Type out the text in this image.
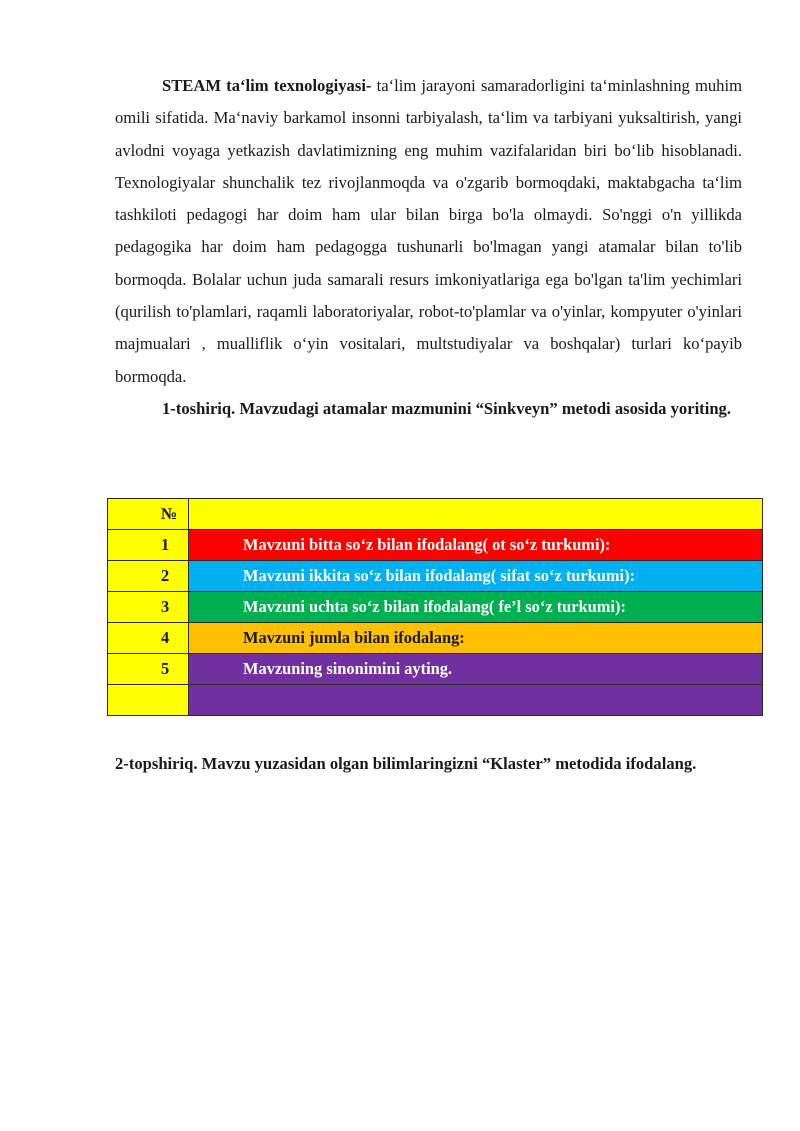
STEAM ta‘lim texnologiyasi- ta‘lim jarayoni samaradorligini ta‘minlashning muhim omili sifatida. Ma‘naviy barkamol insonni tarbiyalash, ta‘lim va tarbiyani yuksaltirish, yangi avlodni voyaga yetkazish davlatimizning eng muhim vazifalaridan biri bo‘lib hisoblanadi. Texnologiyalar shunchalik tez rivojlanmoqda va o'zgarib bormoqdaki, maktabgacha ta‘lim tashkiloti pedagogi har doim ham ular bilan birga bo'la olmaydi. So'nggi o'n yillikda pedagogika har doim ham pedagogga tushunarli bo'lmagan yangi atamalar bilan to'lib bormoqda. Bolalar uchun juda samarali resurs imkoniyatlariga ega bo'lgan ta'lim yechimlari (qurilish to'plamlari, raqamli laboratoriyalar, robot-to'plamlar va o'yinlar, kompyuter o'yinlari majmualari , mualliflik o‘yin vositalari, multstudiyalar va boshqalar) turlari ko‘payib bormoqda.

1-toshiriq. Mavzudagi atamalar mazmunini “Sinkveyn” metodi asosida yoriting.

№	
1	Mavzuni bitta so‘z bilan ifodalang( ot so‘z turkumi):
2	Mavzuni ikkita so‘z bilan ifodalang( sifat so‘z turkumi):
3	Mavzuni uchta so‘z bilan ifodalang( fe’l so‘z turkumi):
4	Mavzuni jumla bilan ifodalang:
5	Mavzuning sinonimini ayting.

2-topshiriq. Mavzu yuzasidan olgan bilimlaringizni “Klaster” metodida ifodalang.
